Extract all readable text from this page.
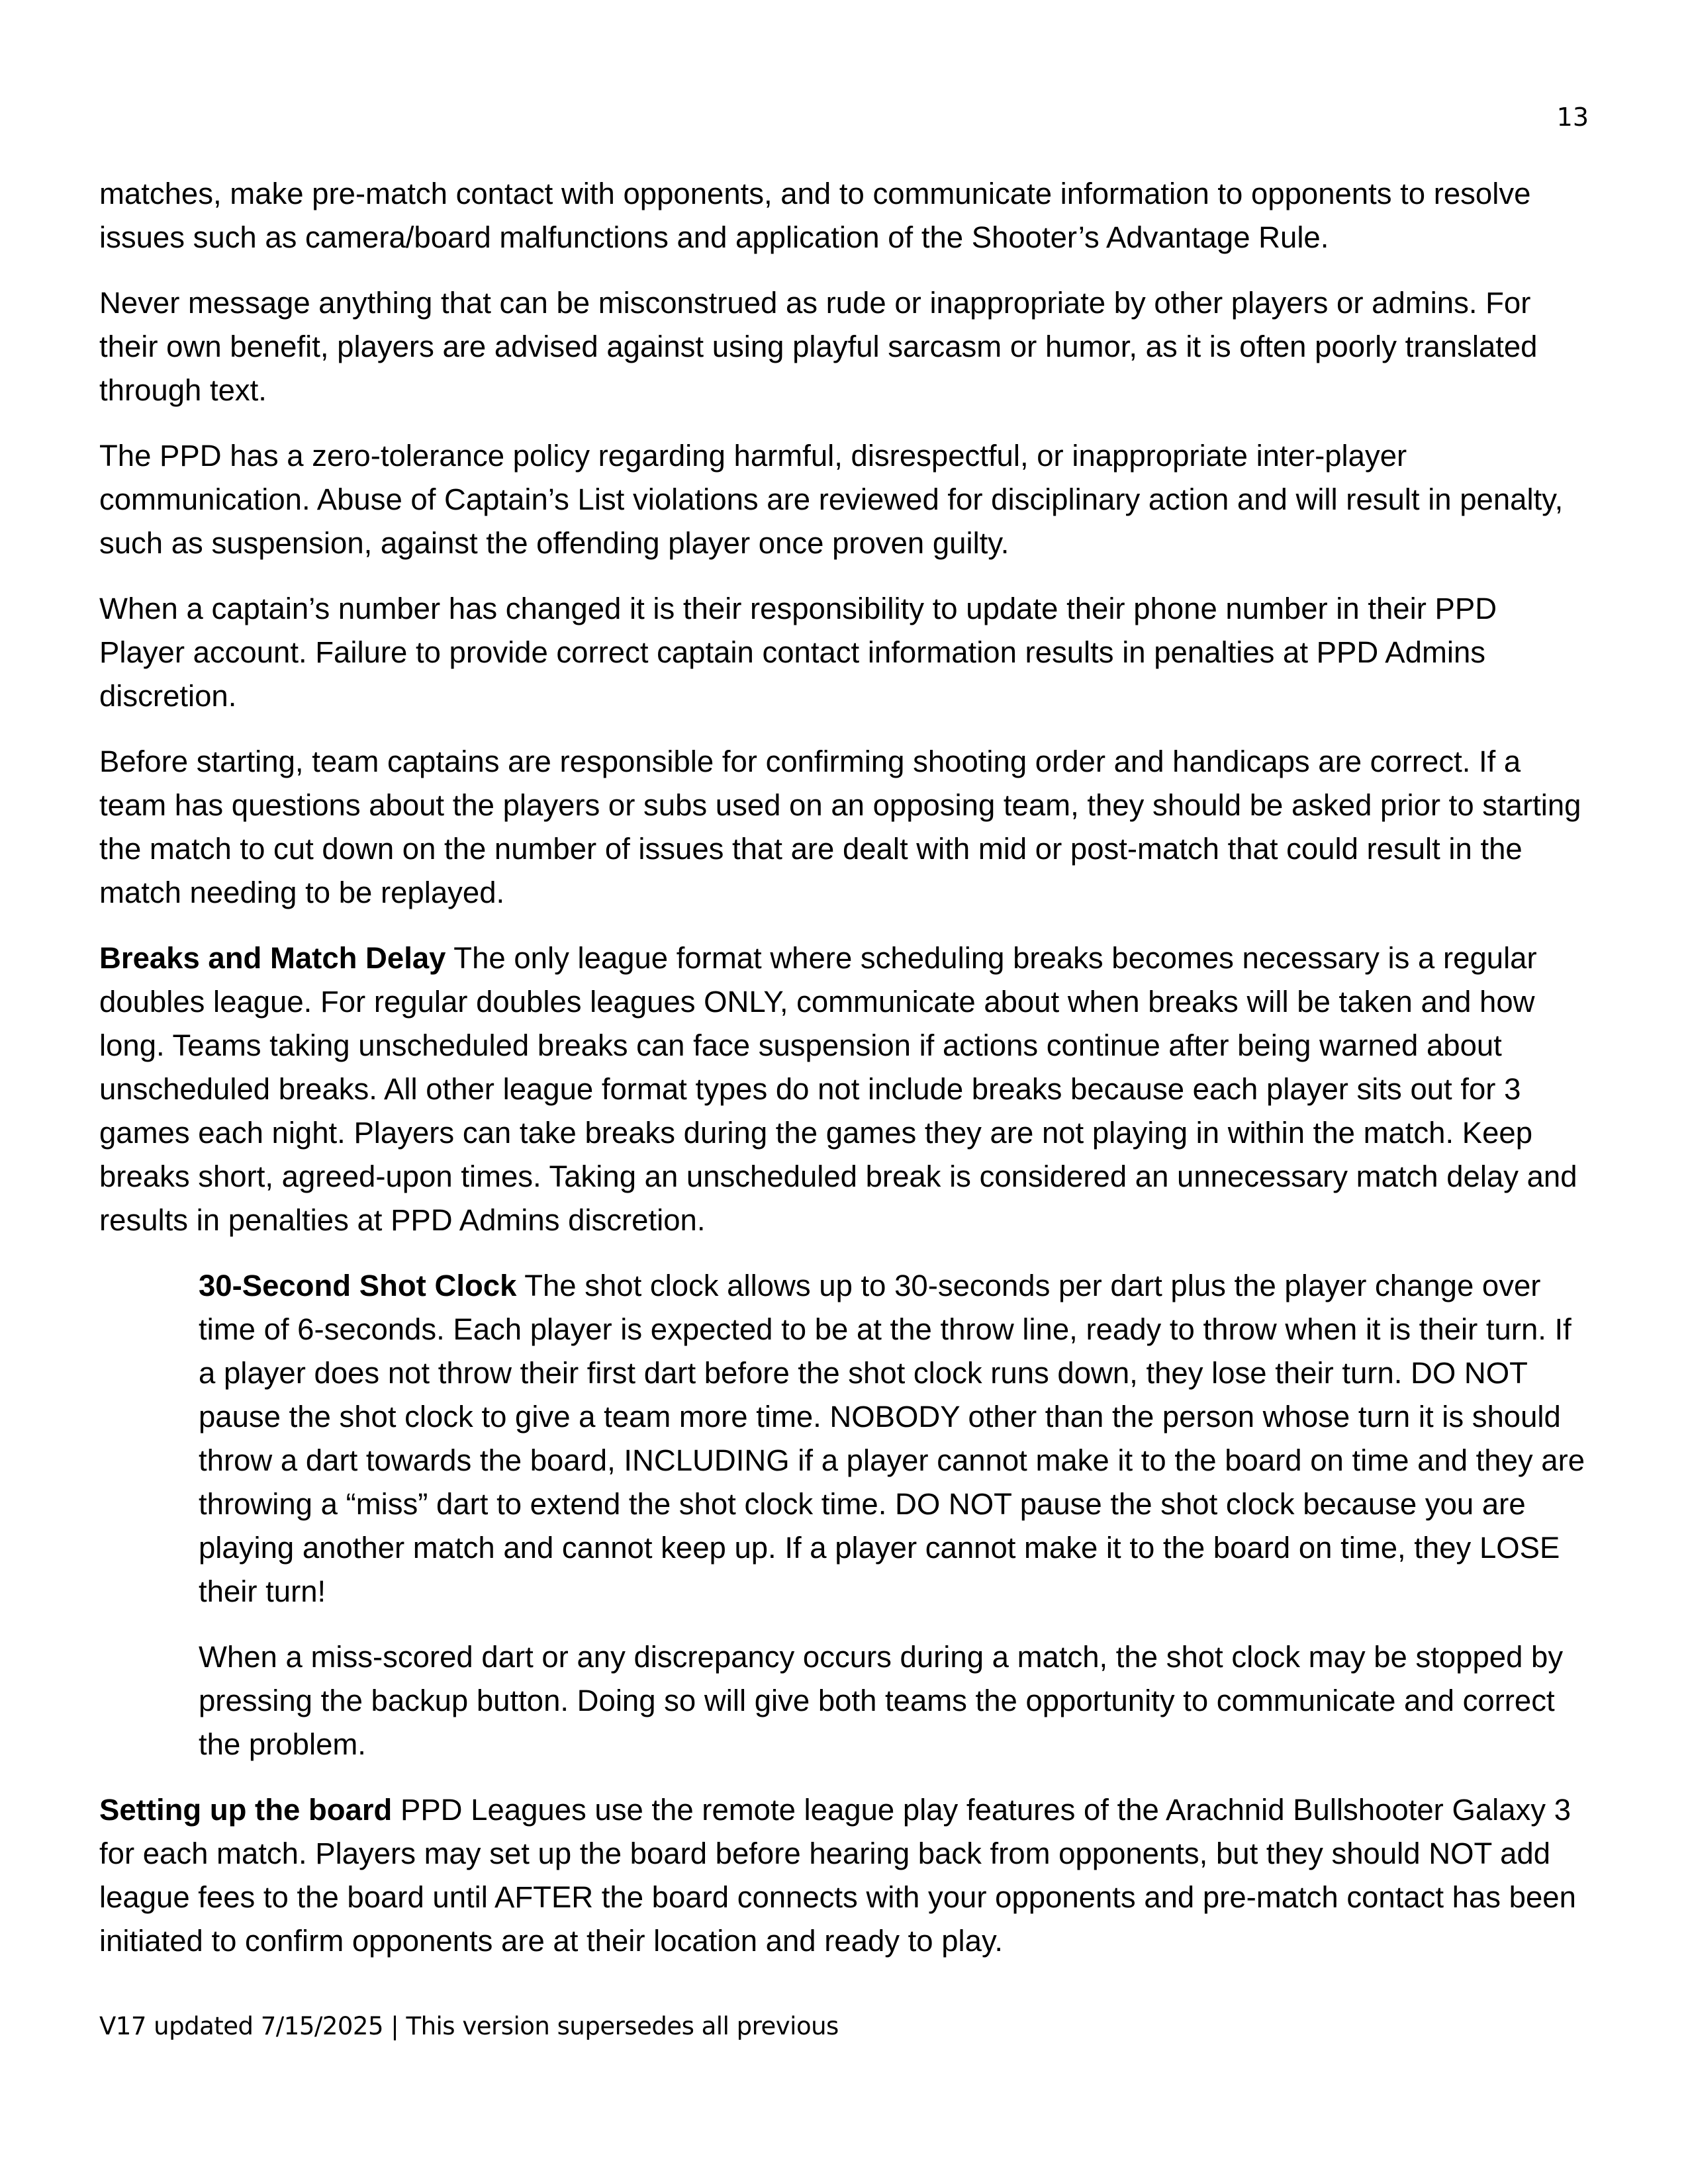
13

matches, make pre-match contact with opponents, and to communicate information to opponents to resolve issues such as camera/board malfunctions and application of the Shooter’s Advantage Rule.

Never message anything that can be misconstrued as rude or inappropriate by other players or admins. For their own benefit, players are advised against using playful sarcasm or humor, as it is often poorly translated through text.

The PPD has a zero-tolerance policy regarding harmful, disrespectful, or inappropriate inter-player communication. Abuse of Captain’s List violations are reviewed for disciplinary action and will result in penalty, such as suspension, against the offending player once proven guilty.

When a captain’s number has changed it is their responsibility to update their phone number in their PPD Player account. Failure to provide correct captain contact information results in penalties at PPD Admins discretion.

Before starting, team captains are responsible for confirming shooting order and handicaps are correct. If a team has questions about the players or subs used on an opposing team, they should be asked prior to starting the match to cut down on the number of issues that are dealt with mid or post-match that could result in the match needing to be replayed.

Breaks and Match Delay The only league format where scheduling breaks becomes necessary is a regular doubles league. For regular doubles leagues ONLY, communicate about when breaks will be taken and how long. Teams taking unscheduled breaks can face suspension if actions continue after being warned about unscheduled breaks. All other league format types do not include breaks because each player sits out for 3 games each night. Players can take breaks during the games they are not playing in within the match. Keep breaks short, agreed-upon times. Taking an unscheduled break is considered an unnecessary match delay and results in penalties at PPD Admins discretion.

30-Second Shot Clock The shot clock allows up to 30-seconds per dart plus the player change over time of 6-seconds. Each player is expected to be at the throw line, ready to throw when it is their turn. If a player does not throw their first dart before the shot clock runs down, they lose their turn. DO NOT pause the shot clock to give a team more time. NOBODY other than the person whose turn it is should throw a dart towards the board, INCLUDING if a player cannot make it to the board on time and they are throwing a “miss” dart to extend the shot clock time. DO NOT pause the shot clock because you are playing another match and cannot keep up. If a player cannot make it to the board on time, they LOSE their turn!

When a miss-scored dart or any discrepancy occurs during a match, the shot clock may be stopped by pressing the backup button. Doing so will give both teams the opportunity to communicate and correct the problem.

Setting up the board PPD Leagues use the remote league play features of the Arachnid Bullshooter Galaxy 3 for each match. Players may set up the board before hearing back from opponents, but they should NOT add league fees to the board until AFTER the board connects with your opponents and pre-match contact has been initiated to confirm opponents are at their location and ready to play.

V17 updated 7/15/2025 | This version supersedes all previous
